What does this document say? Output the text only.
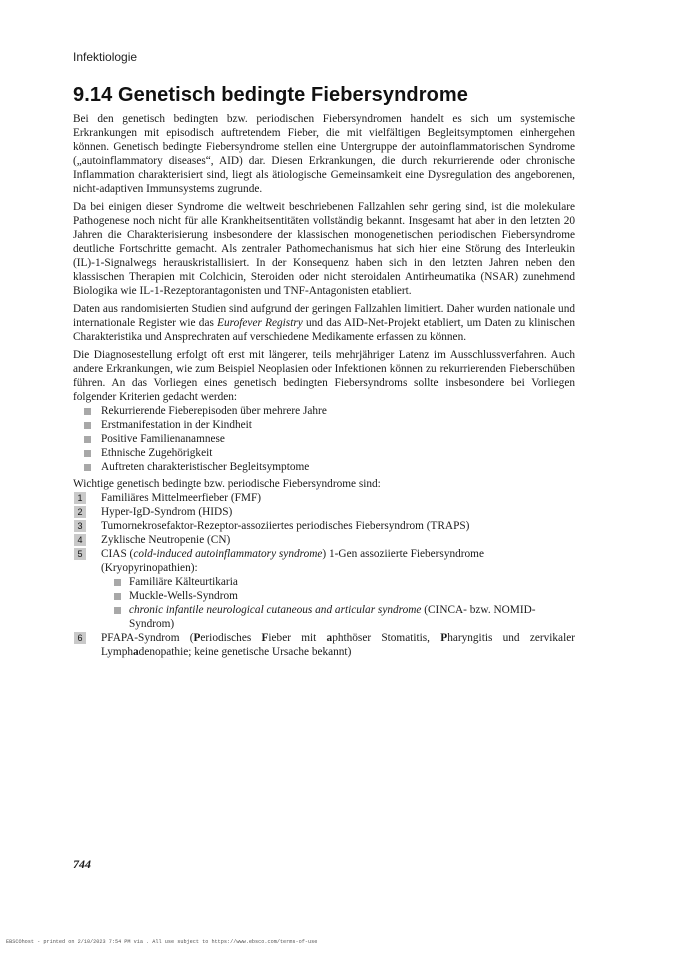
Infektiologie
9.14 Genetisch bedingte Fiebersyndrome

Bei den genetisch bedingten bzw. periodischen Fiebersyndromen handelt es sich um systemische Erkrankungen mit episodisch auftretendem Fieber, die mit vielfältigen Begleitsymptomen einhergehen können. Genetisch bedingte Fiebersyndrome stellen eine Untergruppe der autoinflammatorischen Syndrome („autoinflammatory diseases“, AID) dar. Diesen Erkrankungen, die durch rekurrierende oder chronische Inflammation charakterisiert sind, liegt als ätiologische Gemeinsamkeit eine Dysregulation des angeborenen, nicht-adaptiven Immunsystems zugrunde.

Da bei einigen dieser Syndrome die weltweit beschriebenen Fallzahlen sehr gering sind, ist die molekulare Pathogenese noch nicht für alle Krankheitsentitäten vollständig bekannt. Insgesamt hat aber in den letzten 20 Jahren die Charakterisierung insbesondere der klassischen monogenetischen periodischen Fiebersyndrome deutliche Fortschritte gemacht. Als zentraler Pathomechanismus hat sich hier eine Störung des Interleukin (IL)-1-Signalwegs herauskristallisiert. In der Konsequenz haben sich in den letzten Jahren neben den klassischen Therapien mit Colchicin, Steroiden oder nicht steroidalen Antirheumatika (NSAR) zunehmend Biologika wie IL-1-Rezeptorantagonisten und TNF-Antagonisten etabliert.

Daten aus randomisierten Studien sind aufgrund der geringen Fallzahlen limitiert. Daher wurden nationale und internationale Register wie das Eurofever Registry und das AID-Net-Projekt etabliert, um Daten zu klinischen Charakteristika und Ansprechraten auf verschiedene Medikamente erfassen zu können.

Die Diagnosestellung erfolgt oft erst mit längerer, teils mehrjähriger Latenz im Ausschlussverfahren. Auch andere Erkrankungen, wie zum Beispiel Neoplasien oder Infektionen können zu rekurrierenden Fieberschüben führen. An das Vorliegen eines genetisch bedingten Fiebersyndroms sollte insbesondere bei Vorliegen folgender Kriterien gedacht werden:

Rekurrierende Fieberepisoden über mehrere Jahre
Erstmanifestation in der Kindheit
Positive Familienanamnese
Ethnische Zugehörigkeit
Auftreten charakteristischer Begleitsymptome

Wichtige genetisch bedingte bzw. periodische Fiebersyndrome sind:

1	Familiäres Mittelmeerfieber (FMF)
2	Hyper-IgD-Syndrom (HIDS)
3	Tumornekrosefaktor-Rezeptor-assoziiertes periodisches Fiebersyndrom (TRAPS)
4	Zyklische Neutropenie (CN)
5	CIAS (cold-induced autoinflammatory syndrome) 1-Gen assoziierte Fiebersyndrome (Kryopyrinopathien):
Familiäre Kälteurtikaria
Muckle-Wells-Syndrom
chronic infantile neurological cutaneous and articular syndrome (CINCA- bzw. NOMID-Syndrom)
6	PFAPA-Syndrom (Periodisches Fieber mit aphthöser Stomatitis, Pharyngitis und zervikaler Lymphadenopathie; keine genetische Ursache bekannt)
744
EBSCOhost - printed on 2/10/2023 7:54 PM via . All use subject to https://www.ebsco.com/terms-of-use
